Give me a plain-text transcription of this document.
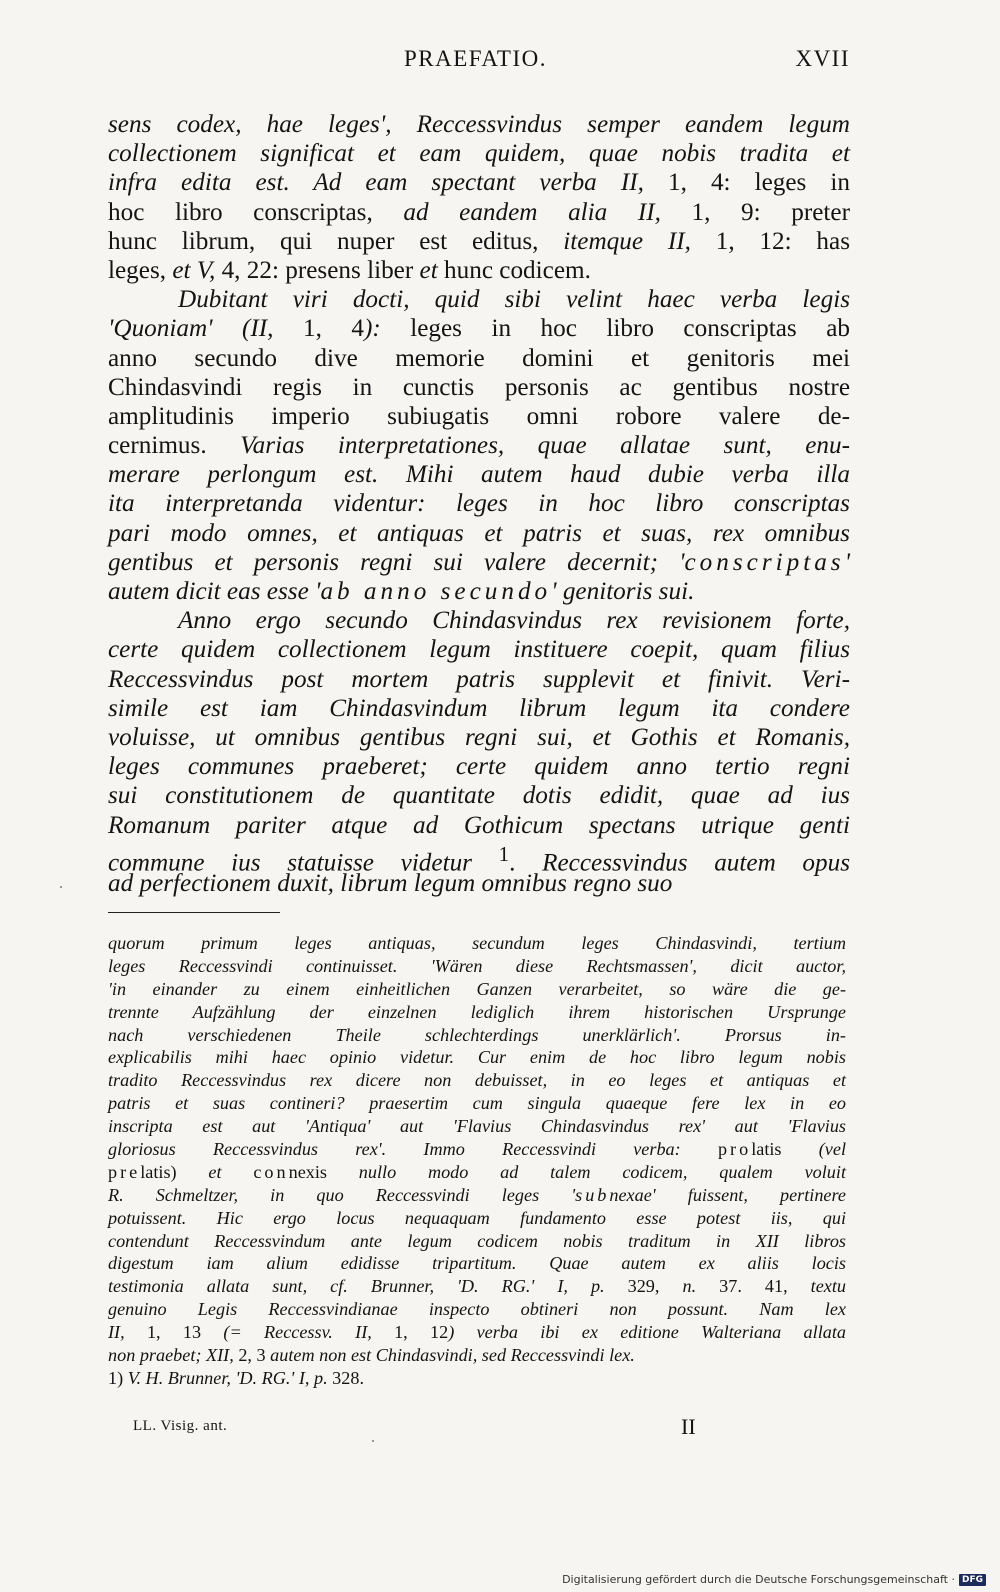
PRAEFATIO.	XVII
sens codex, hae leges', Reccessvindus semper eandem legum
collectionem significat et eam quidem, quae nobis tradita et
infra edita est. Ad eam spectant verba II, 1, 4: leges in
hoc libro conscriptas, ad eandem alia II, 1, 9: preter
hunc librum, qui nuper est editus, itemque II, 1, 12: has
leges, et V, 4, 22: presens liber et hunc codicem.
Dubitant viri docti, quid sibi velint haec verba legis
'Quoniam' (II, 1, 4): leges in hoc libro conscriptas ab
anno secundo dive memorie domini et genitoris mei
Chindasvindi regis in cunctis personis ac gentibus nostre
amplitudinis imperio subiugatis omni robore valere de-
cernimus. Varias interpretationes, quae allatae sunt, enu-
merare perlongum est. Mihi autem haud dubie verba illa
ita interpretanda videntur: leges in hoc libro conscriptas
pari modo omnes, et antiquas et patris et suas, rex omnibus
gentibus et personis regni sui valere decernit; 'conscriptas'
autem dicit eas esse 'ab anno secundo' genitoris sui.
Anno ergo secundo Chindasvindus rex revisionem forte,
certe quidem collectionem legum instituere coepit, quam filius
Reccessvindus post mortem patris supplevit et finivit. Veri-
simile est iam Chindasvindum librum legum ita condere
voluisse, ut omnibus gentibus regni sui, et Gothis et Romanis,
leges communes praeberet; certe quidem anno tertio regni
sui constitutionem de quantitate dotis edidit, quae ad ius
Romanum pariter atque ad Gothicum spectans utrique genti
commune ius statuisse videtur $^1$. Reccessvindus autem opus
ad perfectionem duxit, librum legum omnibus regno suo
quorum primum leges antiquas, secundum leges Chindasvindi, tertium
leges Reccessvindi continuisset. 'Wären diese Rechtsmassen', dicit auctor,
'in einander zu einem einheitlichen Ganzen verarbeitet, so wäre die ge-
trennte Aufzählung der einzelnen lediglich ihrem historischen Ursprunge
nach verschiedenen Theile schlechterdings unerklärlich'. Prorsus in-
explicabilis mihi haec opinio videtur. Cur enim de hoc libro legum nobis
tradito Reccessvindus rex dicere non debuisset, in eo leges et antiquas et
patris et suas contineri? praesertim cum singula quaeque fere lex in eo
inscripta est aut 'Antiqua' aut 'Flavius Chindasvindus rex' aut 'Flavius
gloriosus Reccessvindus rex'. Immo Reccessvindi verba: prolatis (vel
prelatis) et connexis nullo modo ad talem codicem, qualem voluit
R. Schmeltzer, in quo Reccessvindi leges 'subnexae' fuissent, pertinere
potuissent. Hic ergo locus nequaquam fundamento esse potest iis, qui
contendunt Reccessvindum ante legum codicem nobis traditum in XII libros
digestum iam alium edidisse tripartitum. Quae autem ex aliis locis
testimonia allata sunt, cf. Brunner, 'D. RG.' I, p. 329, n. 37. 41, textu
genuino Legis Reccessvindianae inspecto obtineri non possunt. Nam lex
II, 1, 13 (= Reccessv. II, 1, 12) verba ibi ex editione Walteriana allata
non praebet; XII, 2, 3 autem non est Chindasvindi, sed Reccessvindi lex.
1) V. H. Brunner, 'D. RG.' I, p. 328.
LL. Visig. ant.	II
Digitalisierung gefördert durch die Deutsche Forschungsgemeinschaft · DFG
